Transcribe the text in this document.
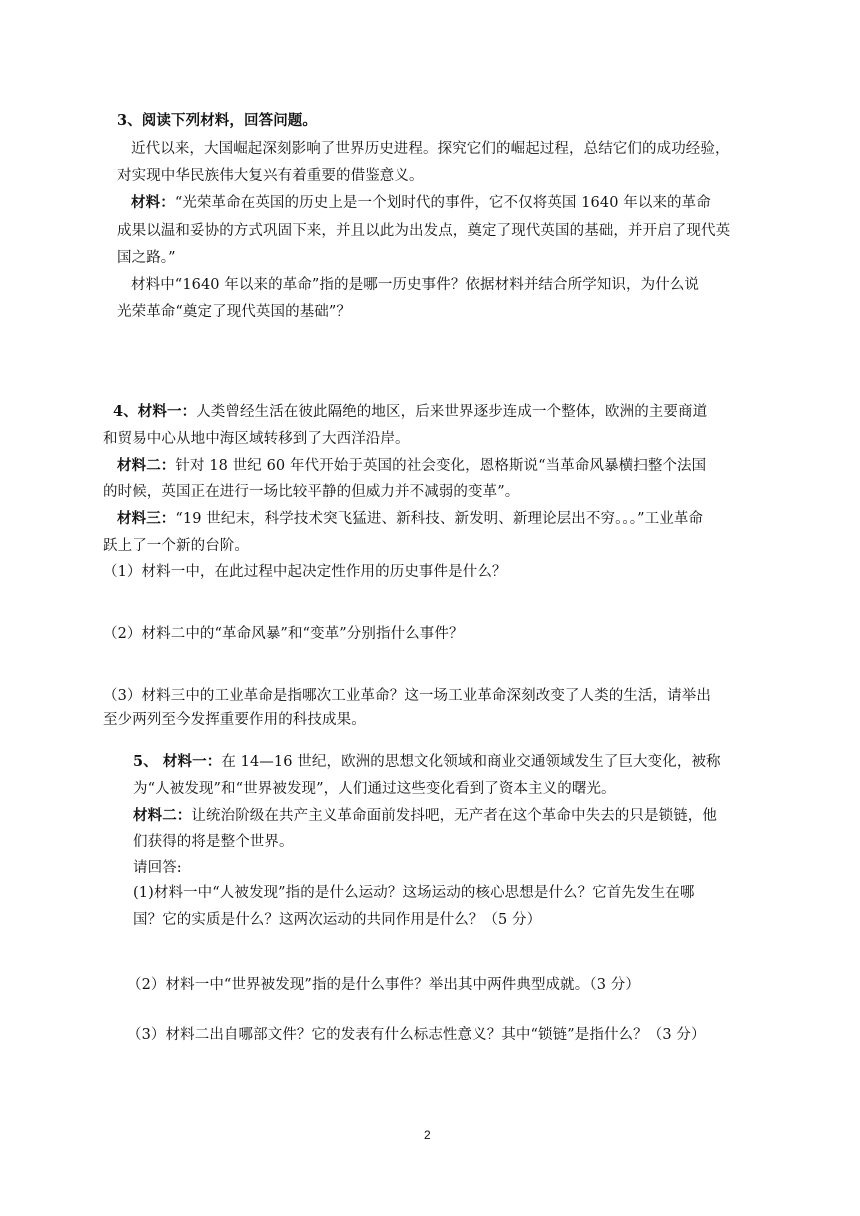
3、阅读下列材料，回答问题。
近代以来，大国崛起深刻影响了世界历史进程。探究它们的崛起过程，总结它们的成功经验，
对实现中华民族伟大复兴有着重要的借鉴意义。
材料：“光荣革命在英国的历史上是一个划时代的事件，它不仅将英国 1640 年以来的革命
成果以温和妥协的方式巩固下来，并且以此为出发点，奠定了现代英国的基础，并开启了现代英
国之路。”
材料中“1640 年以来的革命”指的是哪一历史事件？依据材料并结合所学知识，为什么说
光荣革命“奠定了现代英国的基础”？
4、材料一：人类曾经生活在彼此隔绝的地区，后来世界逐步连成一个整体，欧洲的主要商道
和贸易中心从地中海区域转移到了大西洋沿岸。
材料二：针对 18 世纪 60 年代开始于英国的社会变化，恩格斯说“当革命风暴横扫整个法国
的时候，英国正在进行一场比较平静的但威力并不减弱的变革”。
材料三：“19 世纪末，科学技术突飞猛进、新科技、新发明、新理论层出不穷。。。”工业革命
跃上了一个新的台阶。
（1）材料一中，在此过程中起决定性作用的历史事件是什么？
（2）材料二中的“革命风暴”和“变革”分别指什么事件？
（3）材料三中的工业革命是指哪次工业革命？这一场工业革命深刻改变了人类的生活，请举出
至少两列至今发挥重要作用的科技成果。
5、 材料一：在 14—16 世纪，欧洲的思想文化领域和商业交通领域发生了巨大变化，被称
为“人被发现”和“世界被发现”，人们通过这些变化看到了资本主义的曙光。
材料二：让统治阶级在共产主义革命面前发抖吧，无产者在这个革命中失去的只是锁链，他
们获得的将是整个世界。
请回答:
(1)材料一中“人被发现”指的是什么运动？这场运动的核心思想是什么？它首先发生在哪
国？它的实质是什么？这两次运动的共同作用是什么？（5 分）
（2）材料一中“世界被发现”指的是什么事件？举出其中两件典型成就。（3 分）
（3）材料二出自哪部文件？它的发表有什么标志性意义？其中“锁链”是指什么？（3 分）
2
